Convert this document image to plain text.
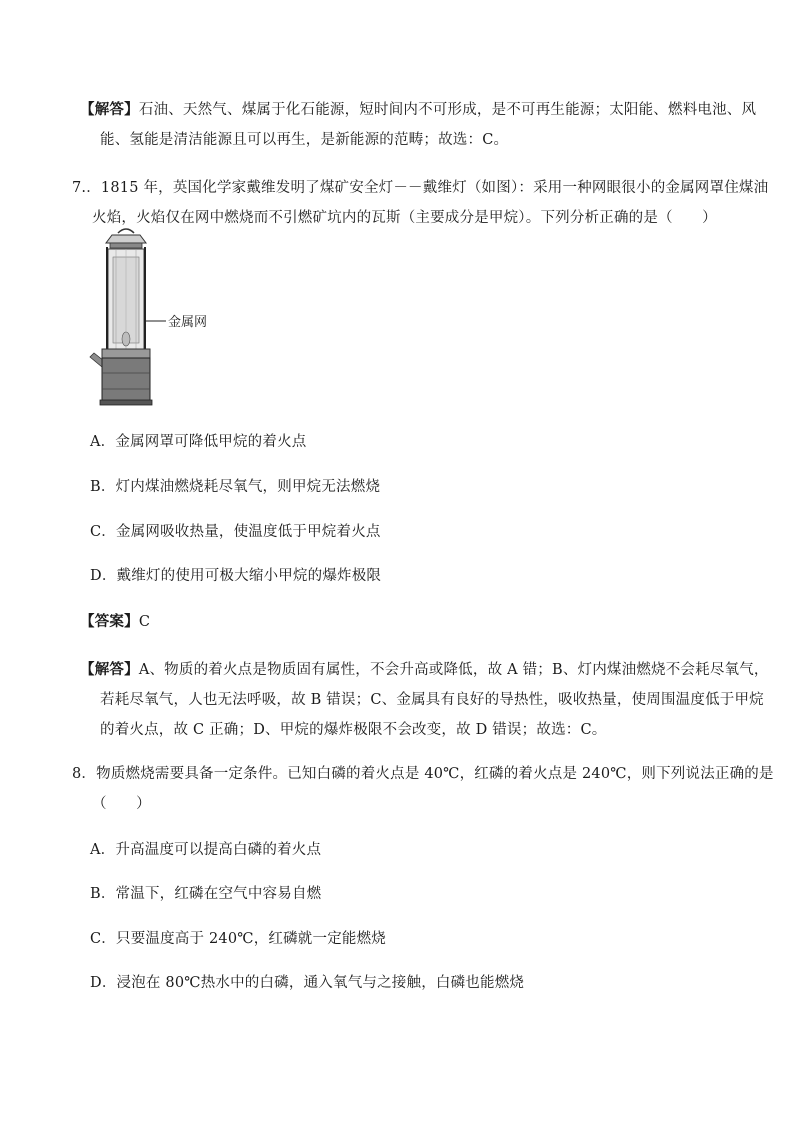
【解答】石油、天然气、煤属于化石能源，短时间内不可形成，是不可再生能源；太阳能、燃料电池、风
能、氢能是清洁能源且可以再生，是新能源的范畴；故选：C。
7.．1815 年，英国化学家戴维发明了煤矿安全灯－－戴维灯（如图）：采用一种网眼很小的金属网罩住煤油
火焰，火焰仅在网中燃烧而不引燃矿坑内的瓦斯（主要成分是甲烷）。下列分析正确的是（　　）
金属网
A．金属网罩可降低甲烷的着火点
B．灯内煤油燃烧耗尽氧气，则甲烷无法燃烧
C．金属网吸收热量，使温度低于甲烷着火点
D．戴维灯的使用可极大缩小甲烷的爆炸极限
【答案】C
【解答】A、物质的着火点是物质固有属性，不会升高或降低，故 A 错；B、灯内煤油燃烧不会耗尽氧气，
若耗尽氧气，人也无法呼吸，故 B 错误；C、金属具有良好的导热性，吸收热量，使周围温度低于甲烷
的着火点，故 C 正确；D、甲烷的爆炸极限不会改变，故 D 错误；故选：C。
8．物质燃烧需要具备一定条件。已知白磷的着火点是 40℃，红磷的着火点是 240℃，则下列说法正确的是
（　　）
A．升高温度可以提高白磷的着火点
B．常温下，红磷在空气中容易自燃
C．只要温度高于 240℃，红磷就一定能燃烧
D．浸泡在 80℃热水中的白磷，通入氧气与之接触，白磷也能燃烧
